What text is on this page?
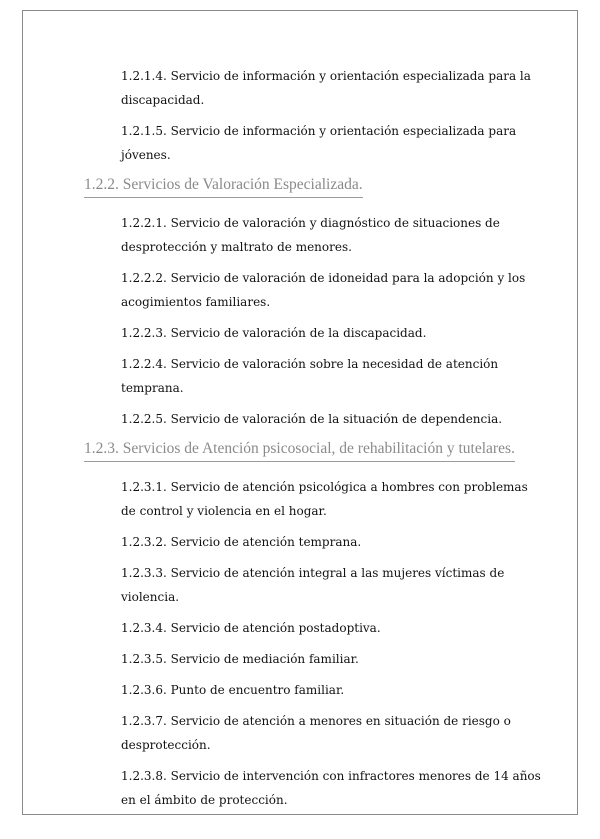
1.2.1.4. Servicio de información y orientación especializada para la discapacidad.
1.2.1.5. Servicio de información y orientación especializada para jóvenes.
1.2.2. Servicios de Valoración Especializada.
1.2.2.1. Servicio de valoración y diagnóstico de situaciones de desprotección y maltrato de menores.
1.2.2.2. Servicio de valoración de idoneidad para la adopción y los acogimientos familiares.
1.2.2.3. Servicio de valoración de la discapacidad.
1.2.2.4. Servicio de valoración sobre la necesidad de atención temprana.
1.2.2.5. Servicio de valoración de la situación de dependencia.
1.2.3. Servicios de Atención psicosocial, de rehabilitación y tutelares.
1.2.3.1. Servicio de atención psicológica a hombres con problemas de control y violencia en el hogar.
1.2.3.2. Servicio de atención temprana.
1.2.3.3. Servicio de atención integral a las mujeres víctimas de violencia.
1.2.3.4. Servicio de atención postadoptiva.
1.2.3.5. Servicio de mediación familiar.
1.2.3.6. Punto de encuentro familiar.
1.2.3.7. Servicio de atención a menores en situación de riesgo o desprotección.
1.2.3.8. Servicio de intervención con infractores menores de 14 años en el ámbito de protección.
